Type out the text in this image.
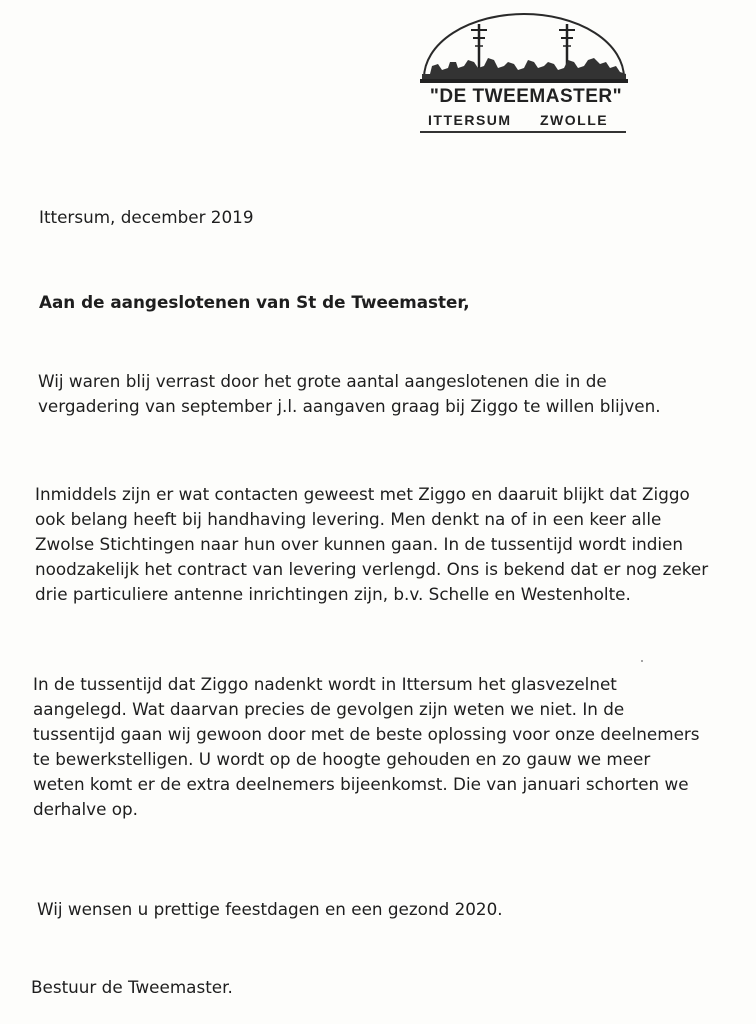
"DE TWEEMASTER"
ITTERSUM ZWOLLE

Ittersum, december 2019

Aan de aangeslotenen van St de Tweemaster,

Wij waren blij verrast door het grote aantal aangeslotenen die in de
vergadering van september j.l. aangaven graag bij Ziggo te willen blijven.
Inmiddels zijn er wat contacten geweest met Ziggo en daaruit blijkt dat Ziggo
ook belang heeft bij handhaving levering. Men denkt na of in een keer alle
Zwolse Stichtingen naar hun over kunnen gaan. In de tussentijd wordt indien
noodzakelijk het contract van levering verlengd. Ons is bekend dat er nog zeker
drie particuliere antenne inrichtingen zijn, b.v. Schelle en Westenholte.
In de tussentijd dat Ziggo nadenkt wordt in Ittersum het glasvezelnet
aangelegd. Wat daarvan precies de gevolgen zijn weten we niet. In de
tussentijd gaan wij gewoon door met de beste oplossing voor onze deelnemers
te bewerkstelligen. U wordt op de hoogte gehouden en zo gauw we meer
weten komt er de extra deelnemers bijeenkomst. Die van januari schorten we
derhalve op.

Wij wensen u prettige feestdagen en een gezond 2020.

Bestuur de Tweemaster.
